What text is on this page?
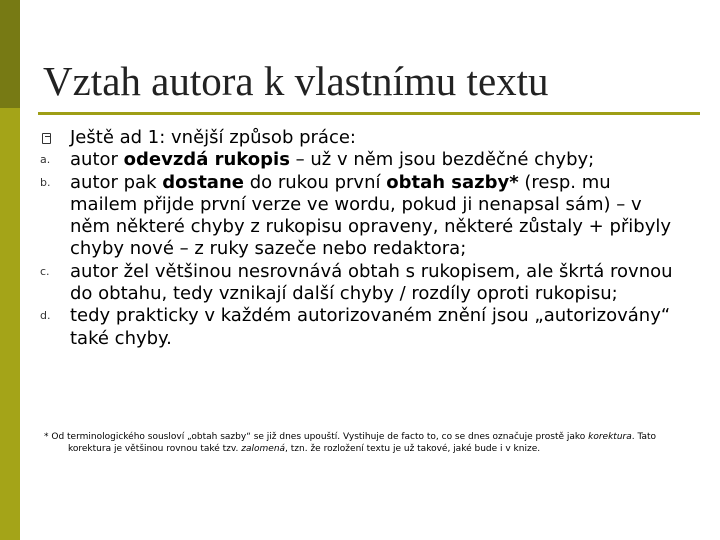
Vztah autora k vlastnímu textu
Ještě ad 1: vnější způsob práce:
a.	autor odevzdá rukopis – už v něm jsou bezděčné chyby;
b.	autor pak dostane do rukou první obtah sazby* (resp. mu mailem přijde první verze ve wordu, pokud ji nenapsal sám) – v něm některé chyby z rukopisu opraveny, některé zůstaly + přibyly chyby nové – z ruky sazeče nebo redaktora;
c.	autor žel většinou nesrovnává obtah s rukopisem, ale škrtá rovnou do obtahu, tedy vznikají další chyby / rozdíly oproti rukopisu;
d.	tedy prakticky v každém autorizovaném znění jsou „autorizovány“ také chyby.
* Od terminologického sousloví „obtah sazby“ se již dnes upouští. Vystihuje de facto to, co se dnes označuje prostě jako korektura. Tato korektura je většinou rovnou také tzv. zalomená, tzn. že rozložení textu je už takové, jaké bude i v knize.
